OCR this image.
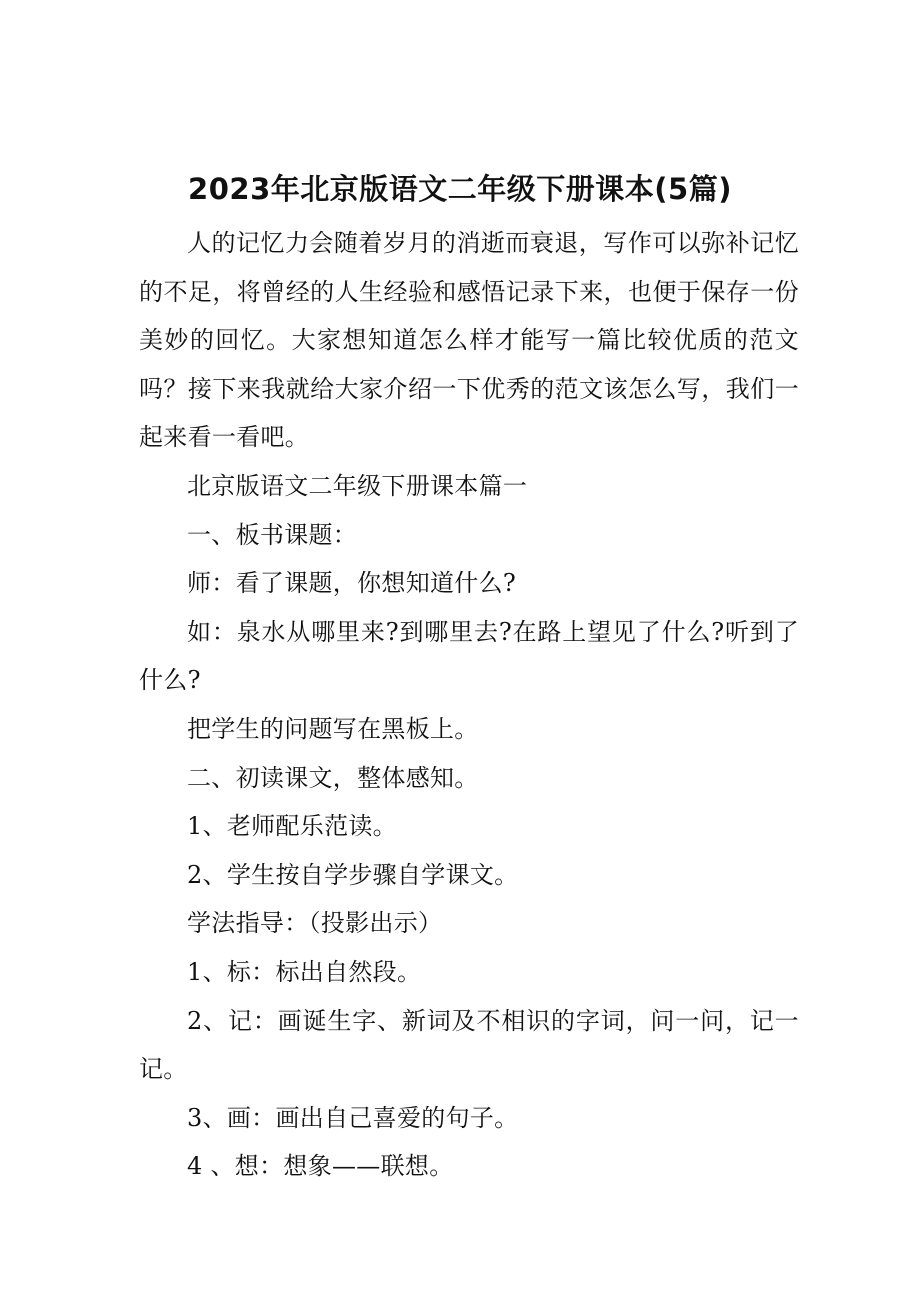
2023年北京版语文二年级下册课本(5篇)

人的记忆力会随着岁月的消逝而衰退，写作可以弥补记忆的不足，将曾经的人生经验和感悟记录下来，也便于保存一份美妙的回忆。大家想知道怎么样才能写一篇比较优质的范文吗？接下来我就给大家介绍一下优秀的范文该怎么写，我们一起来看一看吧。

北京版语文二年级下册课本篇一

一、板书课题：

师：看了课题，你想知道什么?

如：泉水从哪里来?到哪里去?在路上望见了什么?听到了什么?

把学生的问题写在黑板上。

二、初读课文，整体感知。

1、老师配乐范读。

2、学生按自学步骤自学课文。

学法指导：（投影出示）

1、标：标出自然段。

2、记：画诞生字、新词及不相识的字词，问一问，记一记。

3、画：画出自己喜爱的句子。

4 、想：想象——联想。
